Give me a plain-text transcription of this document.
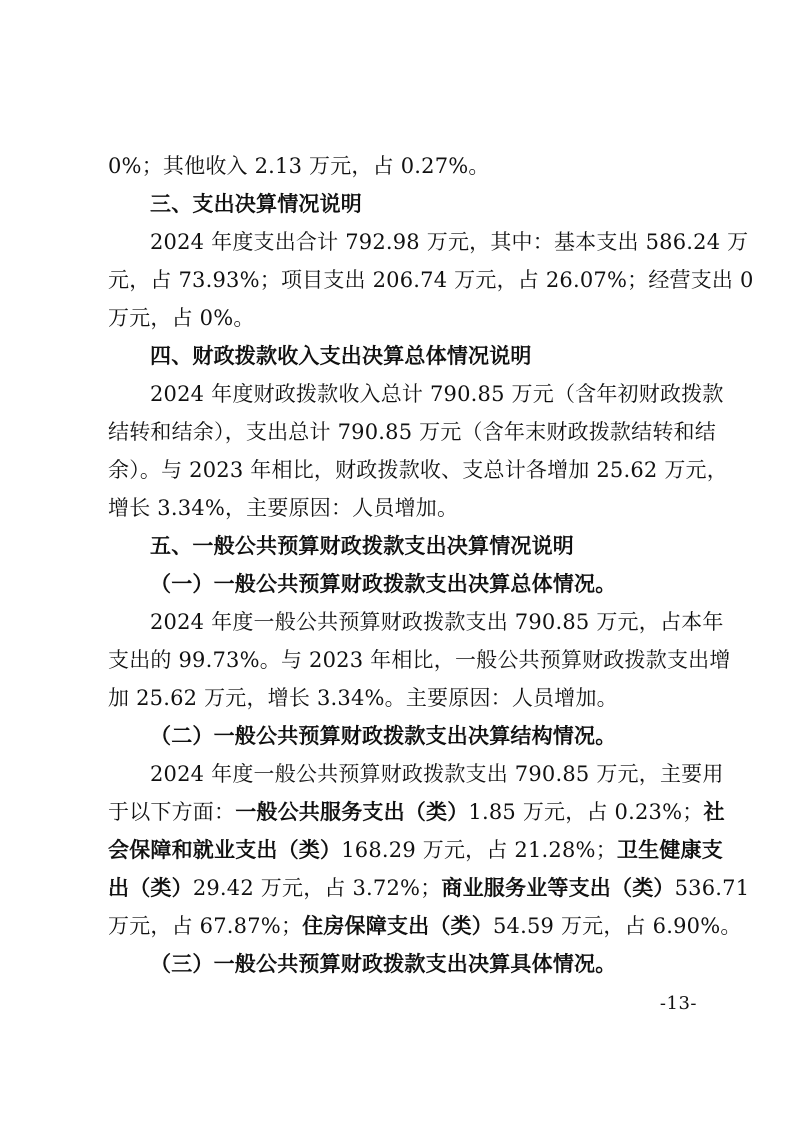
0%；其他收入 2.13 万元，占 0.27%。
三、支出决算情况说明
2024 年度支出合计 792.98 万元，其中：基本支出 586.24 万
元，占 73.93%；项目支出 206.74 万元，占 26.07%；经营支出 0
万元，占 0%。
四、财政拨款收入支出决算总体情况说明
2024 年度财政拨款收入总计 790.85 万元（含年初财政拨款
结转和结余），支出总计 790.85 万元（含年末财政拨款结转和结
余）。与 2023 年相比，财政拨款收、支总计各增加 25.62 万元，
增长 3.34%，主要原因：人员增加。
五、一般公共预算财政拨款支出决算情况说明
（一）一般公共预算财政拨款支出决算总体情况。
2024 年度一般公共预算财政拨款支出 790.85 万元，占本年
支出的 99.73%。与 2023 年相比，一般公共预算财政拨款支出增
加 25.62 万元，增长 3.34%。主要原因：人员增加。
（二）一般公共预算财政拨款支出决算结构情况。
2024 年度一般公共预算财政拨款支出 790.85 万元，主要用
于以下方面：一般公共服务支出（类）1.85 万元，占 0.23%；社
会保障和就业支出（类）168.29 万元，占 21.28%；卫生健康支
出（类）29.42 万元，占 3.72%；商业服务业等支出（类）536.71
万元，占 67.87%；住房保障支出（类）54.59 万元，占 6.90%。
（三）一般公共预算财政拨款支出决算具体情况。
-13-
